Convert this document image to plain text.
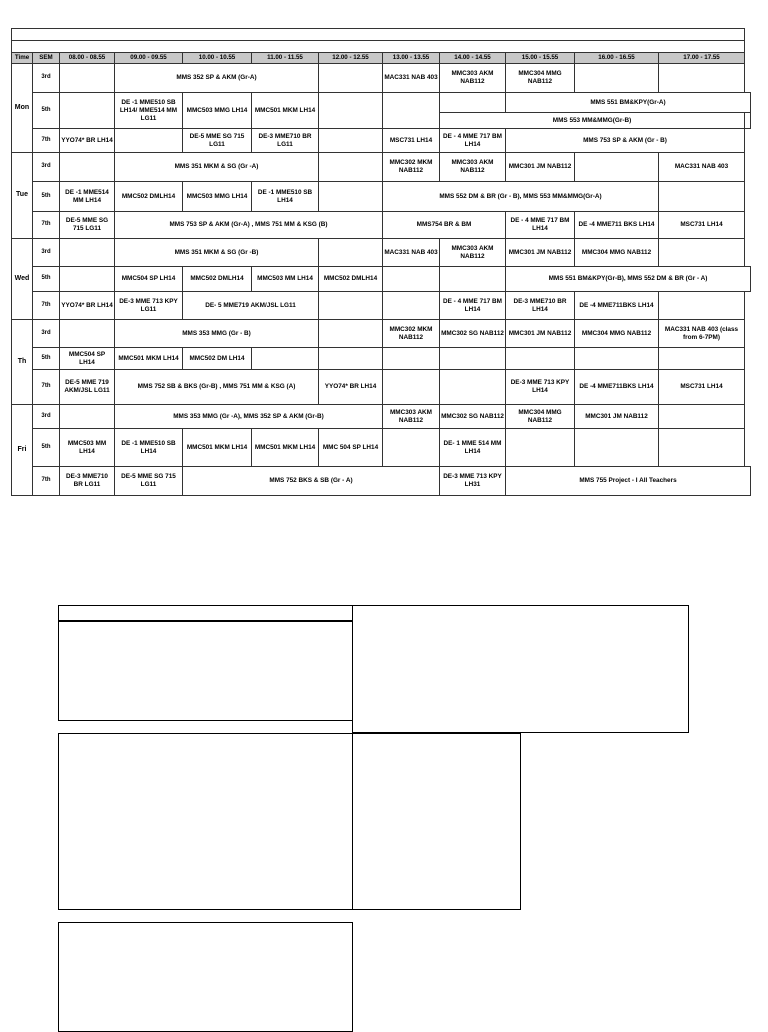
Time	SEM	08.00 - 08.55	09.00 - 09.55	10.00 - 10.55	11.00 - 11.55	12.00 - 12.55	13.00 - 13.55	14.00 - 14.55	15.00 - 15.55	16.00 - 16.55	17.00 - 17.55	
Mon	3rd		MMS 352 SP & AKM (Gr-A)				MAC331 NAB 403	MMC303 AKM NAB112	MMC304 MMG NAB112			
	5th		DE -1 MME510 SB LH14/ MME514 MM LG11	MMC503 MMG LH14	MMC501 MKM LH14				MMS 551 BM&KPY(Gr-A)			
								MMS 553 MM&MMG(Gr-B)				
	7th	YYO74* BR LH14		DE-5 MME SG 715 LG11	DE-3 MME710 BR LG11		MSC731 LH14	DE - 4 MME 717 BM LH14	MMS 753 SP & AKM (Gr - B)			
Tue	3rd		MMS 351 MKM & SG (Gr -A)				MMC302 MKM NAB112	MMC303 AKM NAB112	MMC301 JM NAB112		MAC331 NAB 403	
	5th	DE -1 MME514 MM LH14	MMC502 DMLH14	MMC503 MMG LH14	DE -1 MME510 SB LH14		MMS 552 DM & BR (Gr - B), MMS 553 MM&MMG(Gr-A)					
	7th	DE-5 MME SG 715 LG11	MMS 753 SP & AKM (Gr-A) , MMS 751 MM & KSG (B)				MMS754 BR & BM		DE - 4 MME 717 BM LH14	DE -4 MME711 BKS LH14	MSC731 LH14	
Wed	3rd		MMS 351 MKM & SG (Gr -B)				MAC331 NAB 403	MMC303 AKM NAB112	MMC301 JM NAB112	MMC304 MMG NAB112		
	5th		MMC504 SP LH14	MMC502 DMLH14	MMC503 MM LH14	MMC502 DMLH14			MMS 551 BM&KPY(Gr-B), MMS 552 DM & BR (Gr - A)			
	7th	YYO74* BR LH14	DE-3 MME 713 KPY LG11	DE- 5 MME719 AKM/JSL LG11				DE - 4 MME 717 BM LH14	DE-3 MME710 BR LH14	DE -4 MME711BKS LH14		
Th	3rd		MMS 353 MMG (Gr - B)				MMC302 MKM NAB112	MMC302 SG NAB112	MMC301 JM NAB112	MMC304 MMG NAB112	MAC331 NAB 403 (class from 6-7PM)	
	5th	MMC504 SP LH14	MMC501 MKM LH14	MMC502 DM LH14								
	7th	DE-5 MME 719 AKM/JSL LG11	MMS 752 SB & BKS (Gr-B) , MMS 751 MM & KSG (A)			YYO74* BR LH14			DE-3 MME 713 KPY LH14	DE -4 MME711BKS LH14	MSC731 LH14	
Fri	3rd		MMS 353 MMG (Gr -A), MMS 352 SP & AKM (Gr-B)				MMC303 AKM NAB112	MMC302 SG NAB112	MMC304 MMG NAB112	MMC301 JM NAB112		
	5th	MMC503 MM LH14	DE -1 MME510 SB LH14	MMC501 MKM LH14	MMC501 MKM LH14	MMC 504 SP LH14		DE- 1 MME 514 MM LH14				
	7th	DE-3 MME710 BR LG11	DE-5 MME SG 715 LG11	MMS 752 BKS & SB (Gr - A)				DE-3 MME 713 KPY LH31	MMS 755 Project - I All Teachers			
